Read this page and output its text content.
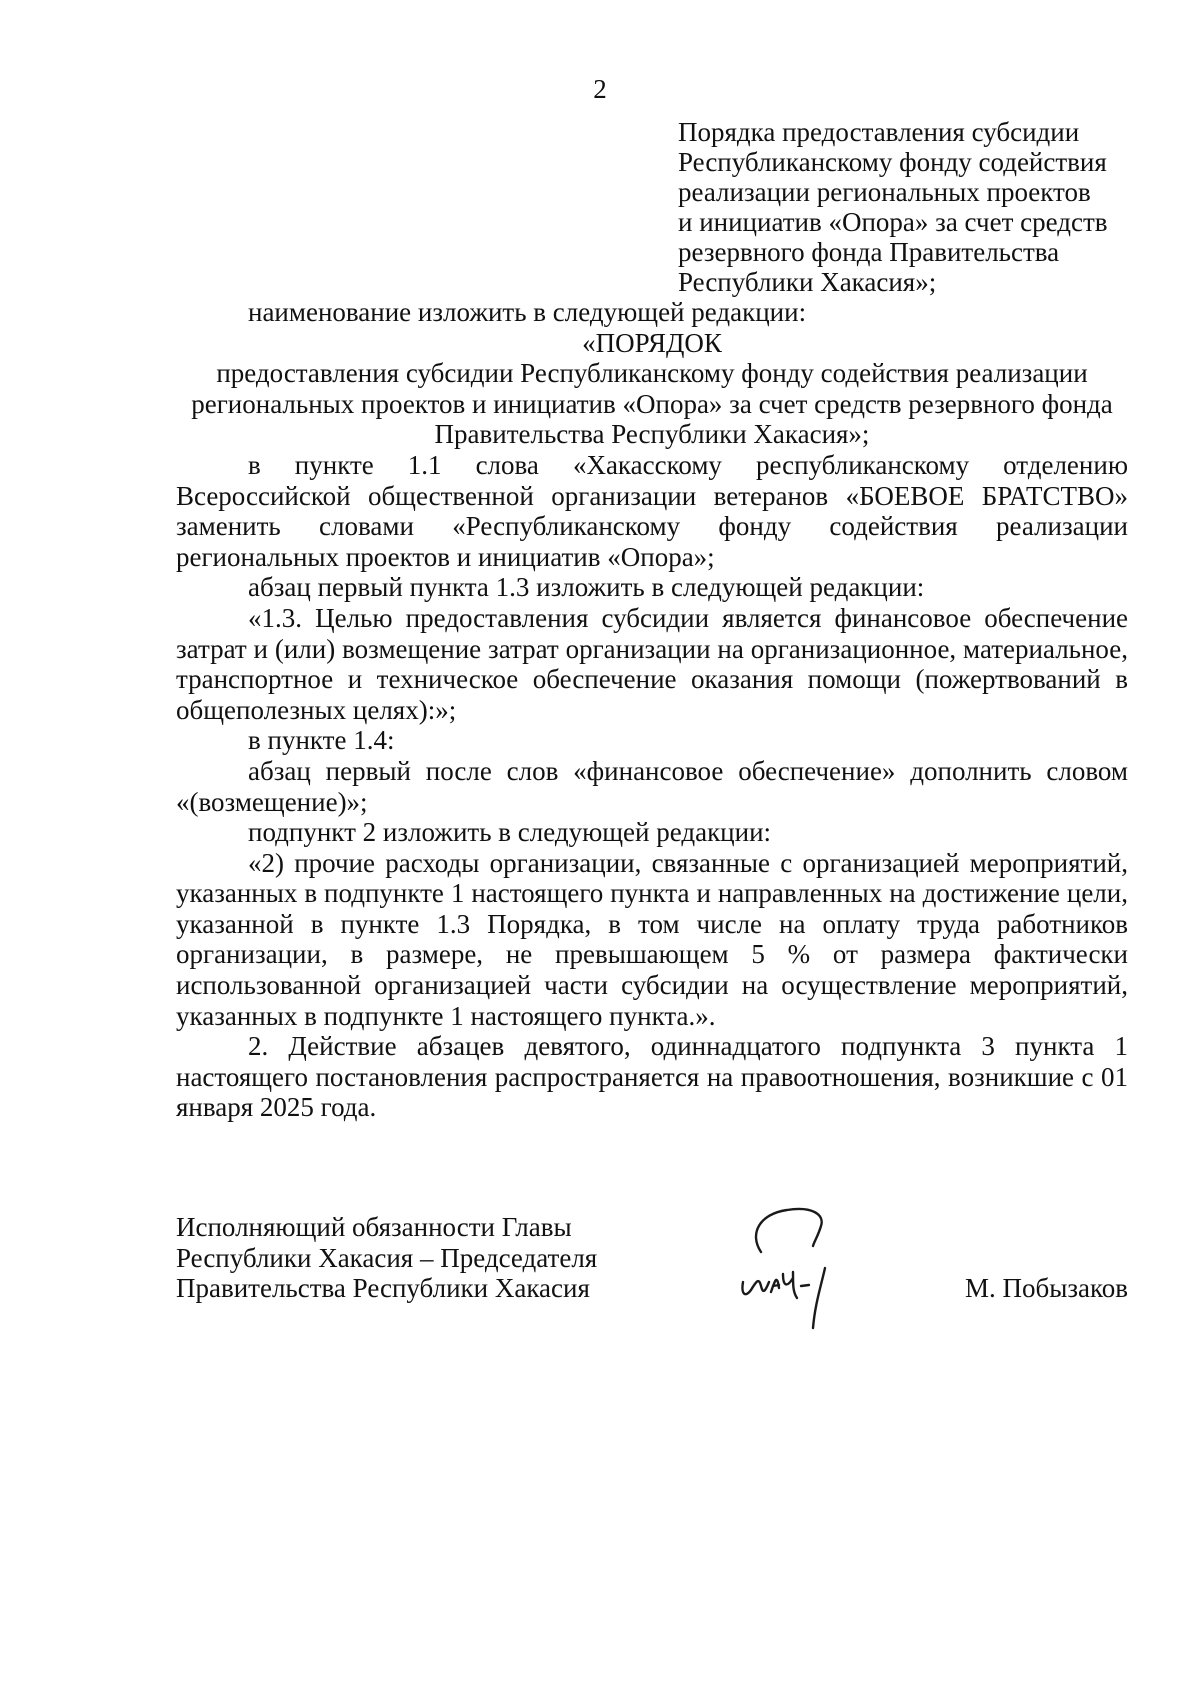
2
Порядка предоставления субсидии
Республиканскому фонду содействия
реализации региональных проектов
и инициатив «Опора» за счет средств
резервного фонда Правительства
Республики Хакасия»;

наименование изложить в следующей редакции:

«ПОРЯДОК

предоставления субсидии Республиканскому фонду содействия реализации региональных проектов и инициатив «Опора» за счет средств резервного фонда Правительства Республики Хакасия»;

в пункте 1.1 слова «Хакасскому республиканскому отделению Всероссийской общественной организации ветеранов «БОЕВОЕ БРАТСТВО» заменить словами «Республиканскому фонду содействия реализации региональных проектов и инициатив «Опора»;

абзац первый пункта 1.3 изложить в следующей редакции:

«1.3. Целью предоставления субсидии является финансовое обеспечение затрат и (или) возмещение затрат организации на организационное, материальное, транспортное и техническое обеспечение оказания помощи (пожертвований в общеполезных целях):»;

в пункте 1.4:

абзац первый после слов «финансовое обеспечение» дополнить словом «(возмещение)»;

подпункт 2 изложить в следующей редакции:

«2) прочие расходы организации, связанные с организацией мероприятий, указанных в подпункте 1 настоящего пункта и направленных на достижение цели, указанной в пункте 1.3 Порядка, в том числе на оплату труда работников организации, в размере, не превышающем 5 % от размера фактически использованной организацией части субсидии на осуществление мероприятий, указанных в подпункте 1 настоящего пункта.».

2. Действие абзацев девятого, одиннадцатого подпункта 3 пункта 1 настоящего постановления распространяется на правоотношения, возникшие с 01 января 2025 года.

Исполняющий обязанности Главы
Республики Хакасия – Председателя
Правительства Республики Хакасия	М. Побызаков
